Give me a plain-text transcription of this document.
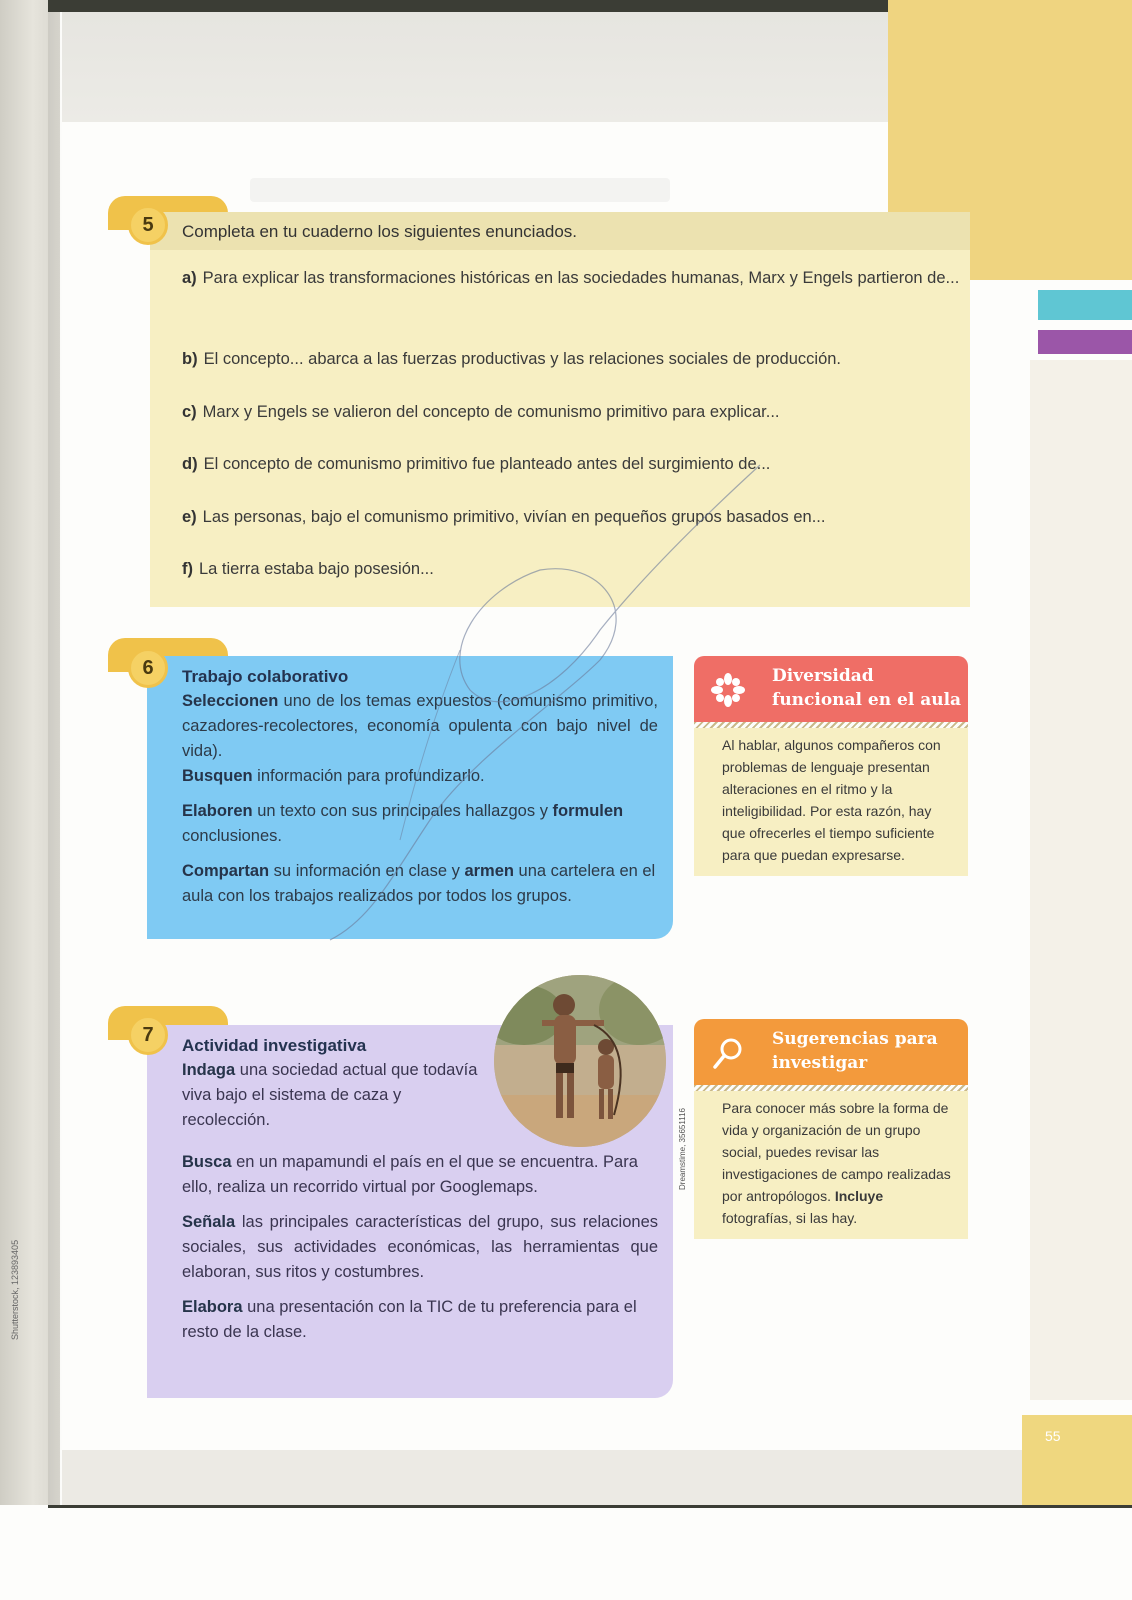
55
Shutterstock, 123893405
5	Completa en tu cuaderno los siguientes enunciados.
a) Para explicar las transformaciones históricas en las sociedades humanas, Marx y Engels partieron de...
b) El concepto... abarca a las fuerzas productivas y las relaciones sociales de producción.
c) Marx y Engels se valieron del concepto de comunismo primitivo para explicar...
d) El concepto de comunismo primitivo fue planteado antes del surgimiento de...
e) Las personas, bajo el comunismo primitivo, vivían en pequeños grupos basados en...
f) La tierra estaba bajo posesión...
6	Trabajo colaborativo
Seleccionen uno de los temas expuestos (comunismo primitivo, cazadores-recolectores, economía opulenta con bajo nivel de vida).
Busquen información para profundizarlo.
Elaboren un texto con sus principales hallazgos y formulen conclusiones.
Compartan su información en clase y armen una cartelera en el aula con los trabajos realizados por todos los grupos.
7
Dreamstime, 35651116
Actividad investigativa
Indaga una sociedad actual que todavía viva bajo el sistema de caza y recolección.
Busca en un mapamundi el país en el que se encuentra. Para ello, realiza un recorrido virtual por Googlemaps.
Señala las principales características del grupo, sus relaciones sociales, sus actividades económicas, las herramientas que elaboran, sus ritos y costumbres.
Elabora una presentación con la TIC de tu preferencia para el resto de la clase.
Diversidad
funcional en el aula
Al hablar, algunos compañeros con problemas de lenguaje presentan alteraciones en el ritmo y la inteligibilidad. Por esta razón, hay que ofrecerles el tiempo suficiente para que puedan expresarse.
Sugerencias para
investigar
Para conocer más sobre la forma de vida y organización de un grupo social, puedes revisar las investigaciones de campo realizadas por antropólogos. Incluye fotografías, si las hay.
